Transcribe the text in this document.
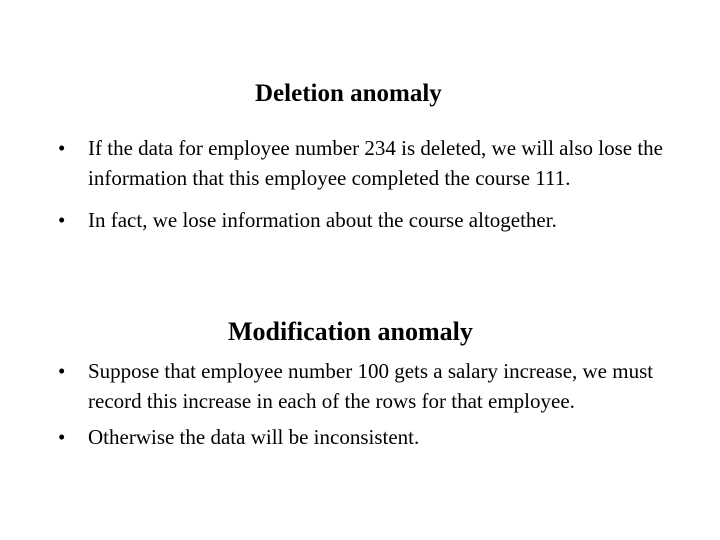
Deletion anomaly
• If the data for employee number 234 is deleted, we will also lose the information that this employee completed the course 111.
• In fact, we lose information about the course altogether.
Modification anomaly
• Suppose that employee number 100 gets a salary increase, we must record this increase in each of the rows for that employee.
• Otherwise the data will be inconsistent.
